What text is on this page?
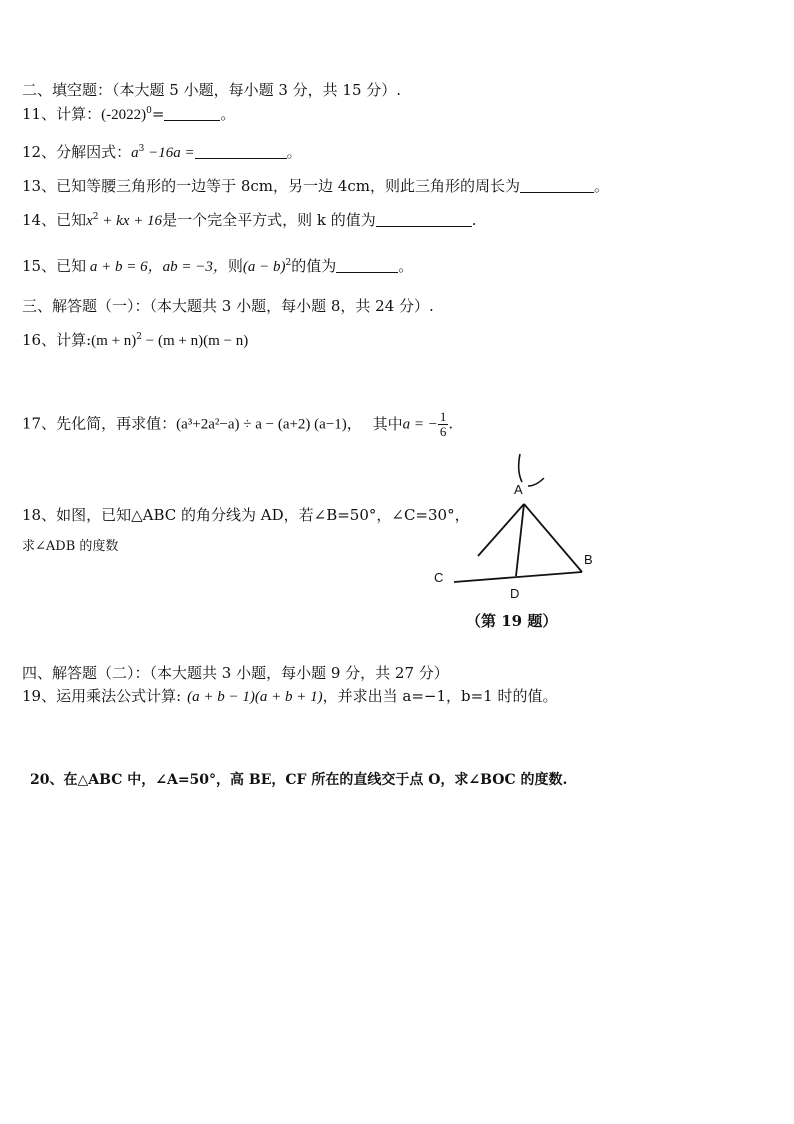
二、填空题：（本大题 5 小题，每小题 3 分，共 15 分）.
11、计算：$(-2022)^0=$	。
12、分解因式：$a^3 -16a$ =	。
13、已知等腰三角形的一边等于 8cm，另一边 4cm，则此三角形的周长为	。
14、已知$x^2$ + kx + 16是一个完全平方式，则 k 的值为	.
15、已知 a + b = 6，ab = −3，则$(a - b)^2$的值为	。
三、解答题（一）：（本大题共 3 小题，每小题 8，共 24 分）.
16、计算:(m + n)$^2$ − (m + n)(m − n)
17、先化简，再求值：(a³+2a²−a) ÷ a − (a+2) (a−1)， 其中a = − $\frac{1}{6}$ .
18、如图，已知△ABC 的角分线为 AD，若∠B=50°，∠C=30°，
求∠ADB 的度数
A
B
C
D
（第 19 题）
四、解答题（二）：（本大题共 3 小题，每小题 9 分，共 27 分）
19、运用乘法公式计算: (a + b − 1)(a + b + 1)，并求出当 a=−1，b=1 时的值。
20、在△ABC 中，∠A=50°，高 BE，CF 所在的直线交于点 O，求∠BOC 的度数.
